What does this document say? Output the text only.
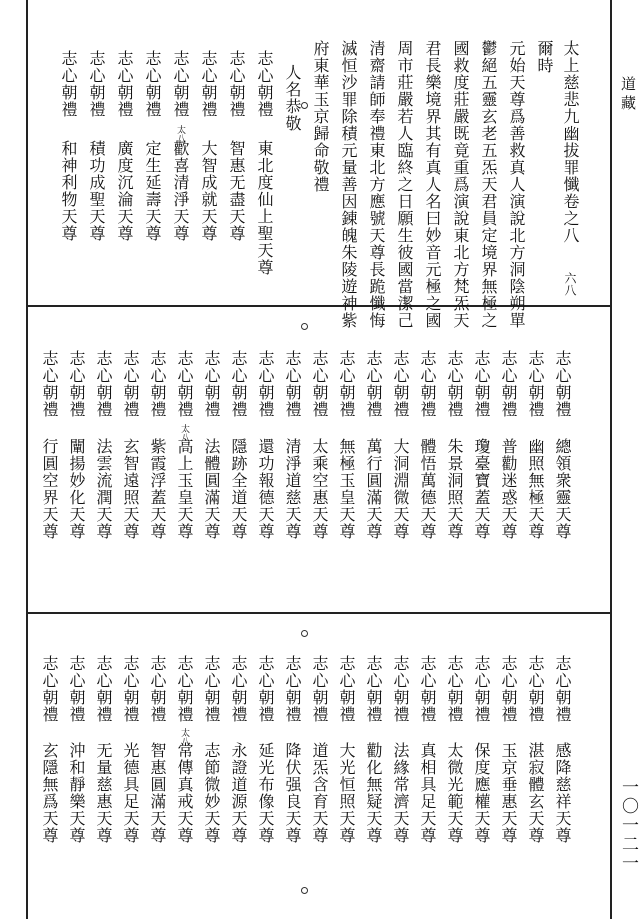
道藏
一〇一二一
太上慈悲九幽拔罪懺卷之八
爾時
元始天尊爲善救真人演說北方洞陰朔單
鬱絕五靈玄老五炁天君員定境界無極之
國救度莊嚴既竟重爲演說東北方梵炁天
君長樂境界其有真人名曰妙音元極之國
周市莊嚴若人臨終之日願生彼國當潔己
清齋請師奉禮東北方應號天尊長跪懺悔
滅恒沙罪除積元量善因錬魄朱陵遊神紫
府東華玉京歸命敬禮
六八
人名恭敬
志心朝禮
東北度仙上聖天尊
志心朝禮
智惠无盡天尊
志心朝禮
大智成就天尊
志心朝禮
歡喜清淨天尊
太八
志心朝禮
定生延壽天尊
志心朝禮
廣度沉淪天尊
志心朝禮
積功成聖天尊
志心朝禮
和神利物天尊
志心朝禮
總領衆靈天尊
志心朝禮
幽照無極天尊
志心朝禮
普勸迷惑天尊
志心朝禮
瓊臺寶蓋天尊
志心朝禮
朱景洞照天尊
志心朝禮
體悟萬德天尊
志心朝禮
大洞淵微天尊
志心朝禮
萬行圓滿天尊
志心朝禮
無極玉皇天尊
志心朝禮
太乘空惠天尊
志心朝禮
清淨道慈天尊
志心朝禮
還功報德天尊
志心朝禮
隱跡全道天尊
志心朝禮
法體圓滿天尊
志心朝禮
高上玉皇天尊
太八
志心朝禮
紫霞浮蓋天尊
志心朝禮
玄智遠照天尊
志心朝禮
法雲流潤天尊
志心朝禮
闡揚妙化天尊
志心朝禮
行圓空界天尊
志心朝禮
感降慈祥天尊
志心朝禮
湛寂體玄天尊
志心朝禮
玉京垂惠天尊
志心朝禮
保度應權天尊
志心朝禮
太微光範天尊
志心朝禮
真相具足天尊
志心朝禮
法緣常濟天尊
志心朝禮
勸化無疑天尊
志心朝禮
大光恒照天尊
志心朝禮
道炁含育天尊
志心朝禮
降伏强良天尊
志心朝禮
延光布像天尊
志心朝禮
永證道源天尊
志心朝禮
志節微妙天尊
志心朝禮
常傳真戒天尊
太八
志心朝禮
智惠圓滿天尊
志心朝禮
光德具足天尊
志心朝禮
无量慈惠天尊
志心朝禮
沖和靜樂天尊
志心朝禮
玄隱無爲天尊
